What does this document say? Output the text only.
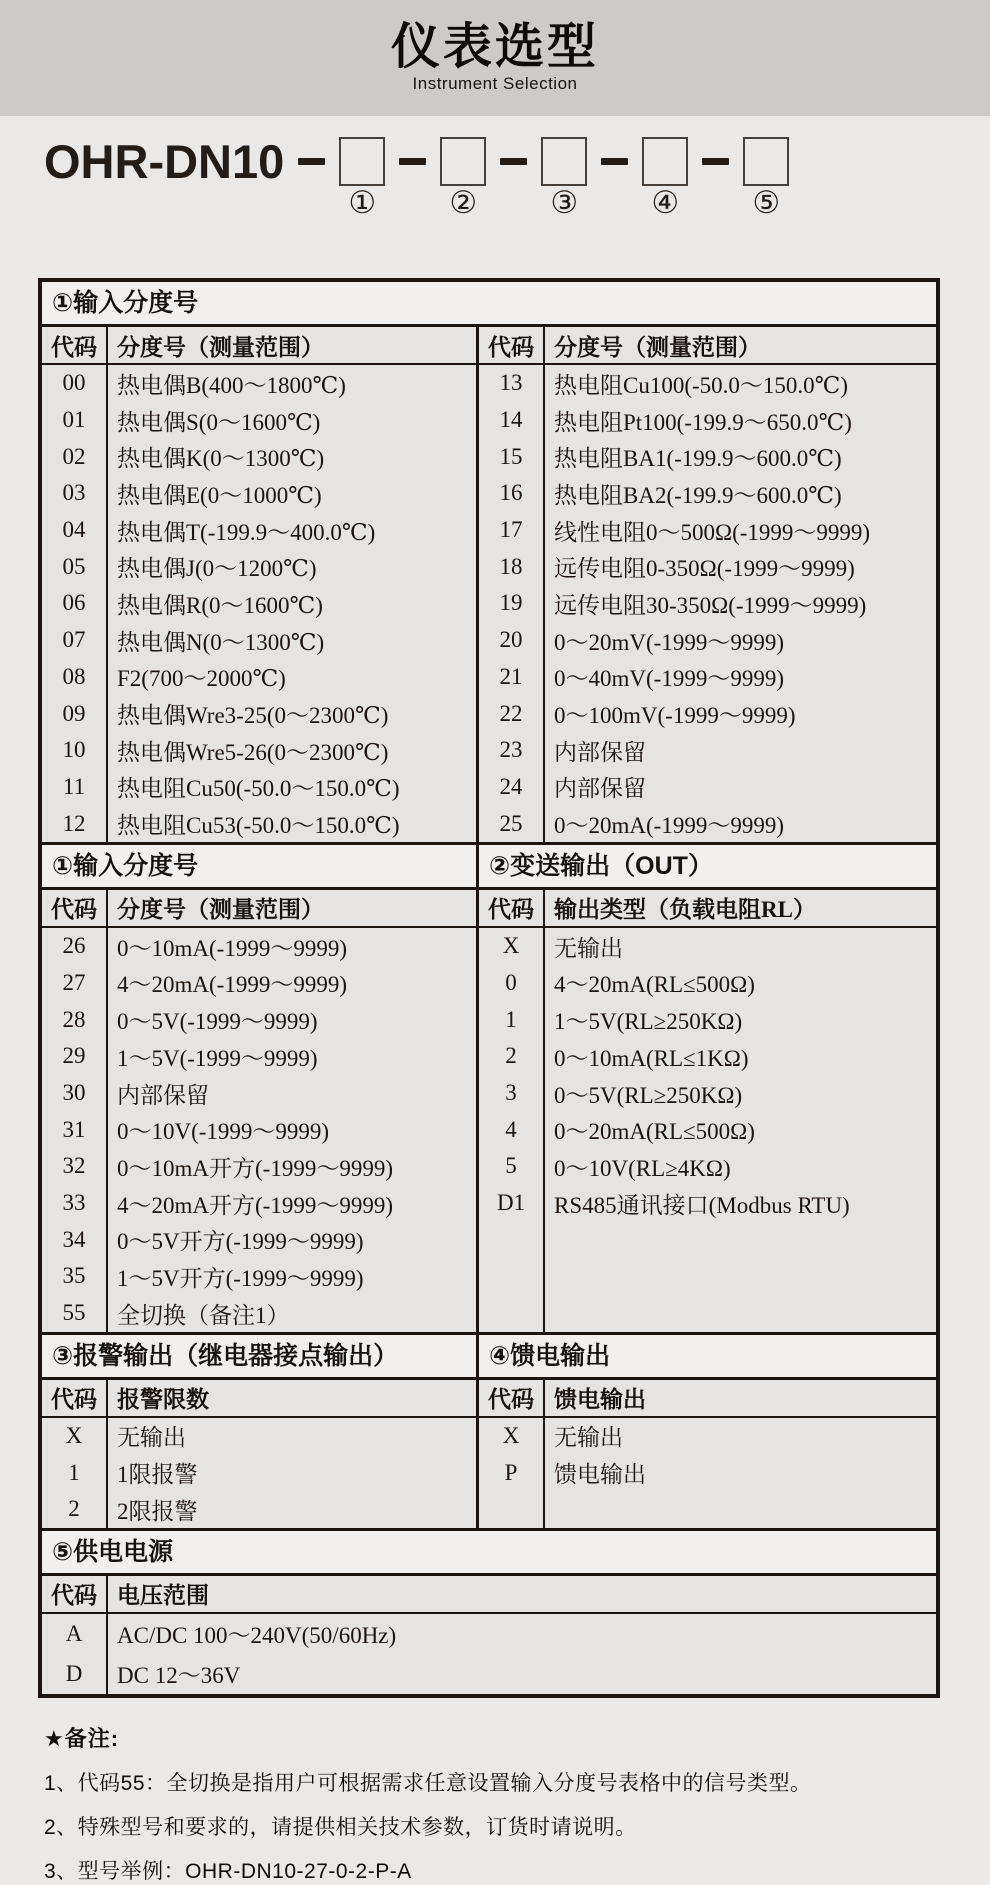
仪表选型
Instrument Selection
OHR-DN10
① ② ③ ④ ⑤
①输入分度号
代码 分度号（测量范围）
00	热电偶B(400～1800℃)
01	热电偶S(0～1600℃)
02	热电偶K(0～1300℃)
03	热电偶E(0～1000℃)
04	热电偶T(-199.9～400.0℃)
05	热电偶J(0～1200℃)
06	热电偶R(0～1600℃)
07	热电偶N(0～1300℃)
08	F2(700～2000℃)
09	热电偶Wre3-25(0～2300℃)
10	热电偶Wre5-26(0～2300℃)
11	热电阻Cu50(-50.0～150.0℃)
12	热电阻Cu53(-50.0～150.0℃)
代码 分度号（测量范围）
13	热电阻Cu100(-50.0～150.0℃)
14	热电阻Pt100(-199.9～650.0℃)
15	热电阻BA1(-199.9～600.0℃)
16	热电阻BA2(-199.9～600.0℃)
17	线性电阻0～500Ω(-1999～9999)
18	远传电阻0-350Ω(-1999～9999)
19	远传电阻30-350Ω(-1999～9999)
20	0～20mV(-1999～9999)
21	0～40mV(-1999～9999)
22	0～100mV(-1999～9999)
23	内部保留
24	内部保留
25	0～20mA(-1999～9999)
①输入分度号	②变送输出（OUT）
代码 分度号（测量范围）
26	0～10mA(-1999～9999)
27	4～20mA(-1999～9999)
28	0～5V(-1999～9999)
29	1～5V(-1999～9999)
30	内部保留
31	0～10V(-1999～9999)
32	0～10mA开方(-1999～9999)
33	4～20mA开方(-1999～9999)
34	0～5V开方(-1999～9999)
35	1～5V开方(-1999～9999)
55	全切换（备注1）
代码 输出类型（负载电阻RL）
X	无输出
0	4～20mA(RL≤500Ω)
1	1～5V(RL≥250KΩ)
2	0～10mA(RL≤1KΩ)
3	0～5V(RL≥250KΩ)
4	0～20mA(RL≤500Ω)
5	0～10V(RL≥4KΩ)
D1	RS485通讯接口(Modbus RTU)
③报警输出（继电器接点输出）	④馈电输出
代码 报警限数
X	无输出
1	1限报警
2	2限报警
代码 馈电输出
X	无输出
P	馈电输出
⑤供电电源
代码 电压范围
A	AC/DC 100～240V(50/60Hz)
D	DC 12～36V
★备注:
1、代码55：全切换是指用户可根据需求任意设置输入分度号表格中的信号类型。
2、特殊型号和要求的，请提供相关技术参数，订货时请说明。
3、型号举例：OHR-DN10-27-0-2-P-A
